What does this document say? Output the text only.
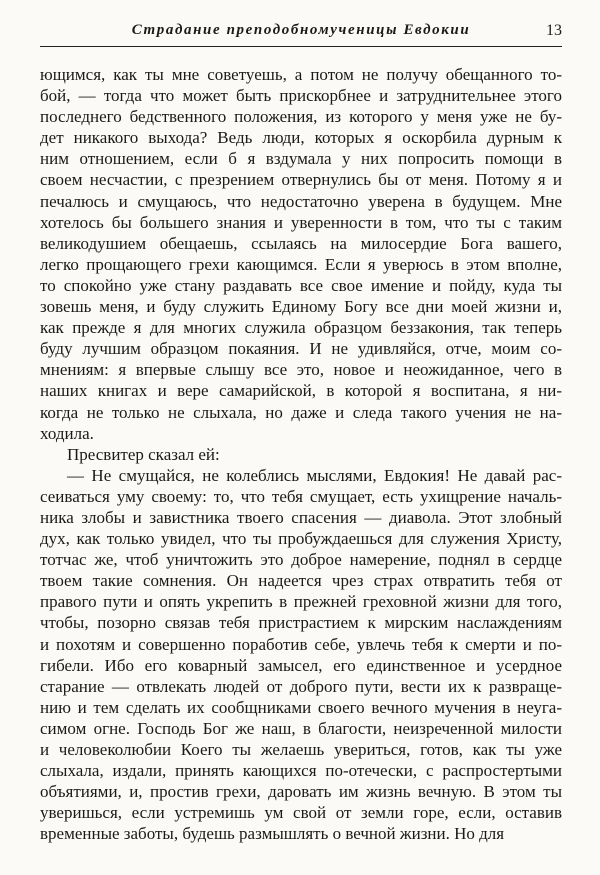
Страдание преподобномученицы Евдокии	13
ющимся, как ты мне советуешь, а потом не получу обещанного то-
бой, — тогда что может быть прискорбнее и затруднительнее этого
последнего бедственного положения, из которого у меня уже не бу-
дет никакого выхода? Ведь люди, которых я оскорбила дурным к
ним отношением, если б я вздумала у них попросить помощи в
своем несчастии, с презрением отвернулись бы от меня. Потому я и
печалюсь и смущаюсь, что недостаточно уверена в будущем. Мне
хотелось бы большего знания и уверенности в том, что ты с таким
великодушием обещаешь, ссылаясь на милосердие Бога вашего,
легко прощающего грехи кающимся. Если я уверюсь в этом вполне,
то спокойно уже стану раздавать все свое имение и пойду, куда ты
зовешь меня, и буду служить Единому Богу все дни моей жизни и,
как прежде я для многих служила образцом беззакония, так теперь
буду лучшим образцом покаяния. И не удивляйся, отче, моим со-
мнениям: я впервые слышу все это, новое и неожиданное, чего в
наших книгах и вере самарийской, в которой я воспитана, я ни-
когда не только не слыхала, но даже и следа такого учения не на-
ходила.
Пресвитер сказал ей:
— Не смущайся, не колеблись мыслями, Евдокия! Не давай рас-
сеиваться уму своему: то, что тебя смущает, есть ухищрение началь-
ника злобы и завистника твоего спасения — диавола. Этот злобный
дух, как только увидел, что ты пробуждаешься для служения Христу,
тотчас же, чтоб уничтожить это доброе намерение, поднял в сердце
твоем такие сомнения. Он надеется чрез страх отвратить тебя от
правого пути и опять укрепить в прежней греховной жизни для того,
чтобы, позорно связав тебя пристрастием к мирским наслаждениям
и похотям и совершенно поработив себе, увлечь тебя к смерти и по-
гибели. Ибо его коварный замысел, его единственное и усердное
старание — отвлекать людей от доброго пути, вести их к развраще-
нию и тем сделать их сообщниками своего вечного мучения в неуга-
симом огне. Господь Бог же наш, в благости, неизреченной милости
и человеколюбии Коего ты желаешь увериться, готов, как ты уже
слыхала, издали, принять кающихся по-отечески, с распростертыми
объятиями, и, простив грехи, даровать им жизнь вечную. В этом ты
уверишься, если устремишь ум свой от земли горе, если, оставив
временные заботы, будешь размышлять о вечной жизни. Но для
